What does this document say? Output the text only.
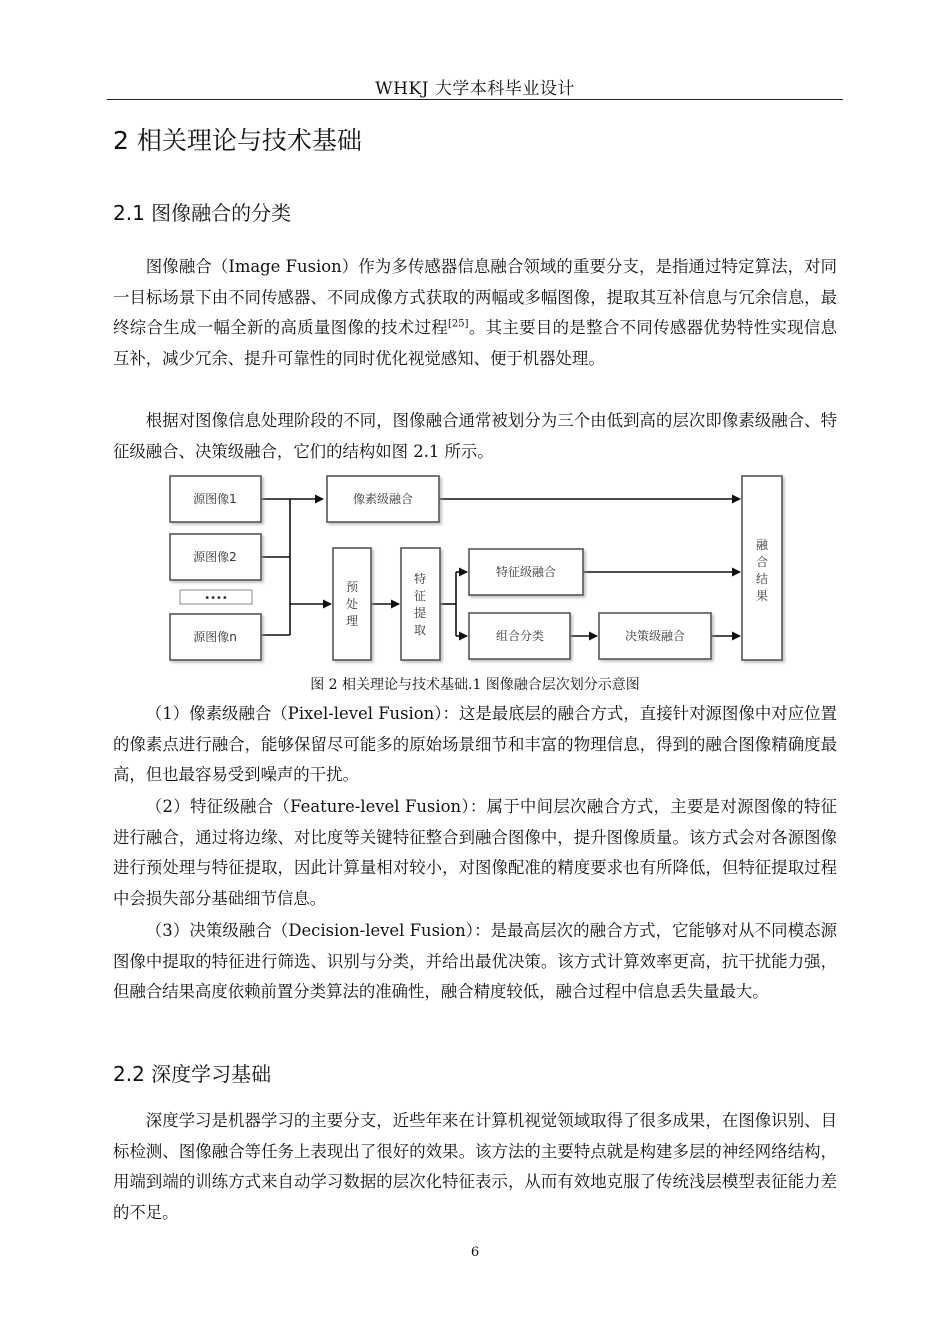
WHKJ 大学本科毕业设计
2 相关理论与技术基础
2.1 图像融合的分类

图像融合（Image Fusion）作为多传感器信息融合领域的重要分支，是指通过特定算法，对同一目标场景下由不同传感器、不同成像方式获取的两幅或多幅图像，提取其互补信息与冗余信息，最终综合生成一幅全新的高质量图像的技术过程[25]。其主要目的是整合不同传感器优势特性实现信息互补，减少冗余、提升可靠性的同时优化视觉感知、便于机器处理。

根据对图像信息处理阶段的不同，图像融合通常被划分为三个由低到高的层次即像素级融合、特征级融合、决策级融合，它们的结构如图 2.1 所示。

源图像1
源图像2
••••
源图像n
像素级融合
预
处
理
特
征
提
取
特征级融合
组合分类	决策级融合
融
合
结
果
图 2 相关理论与技术基础.1 图像融合层次划分示意图

（1）像素级融合（Pixel-level Fusion）：这是最底层的融合方式，直接针对源图像中对应位置的像素点进行融合，能够保留尽可能多的原始场景细节和丰富的物理信息，得到的融合图像精确度最高，但也最容易受到噪声的干扰。

（2）特征级融合（Feature-level Fusion）：属于中间层次融合方式，主要是对源图像的特征进行融合，通过将边缘、对比度等关键特征整合到融合图像中，提升图像质量。该方式会对各源图像进行预处理与特征提取，因此计算量相对较小，对图像配准的精度要求也有所降低，但特征提取过程中会损失部分基础细节信息。

（3）决策级融合（Decision-level Fusion）：是最高层次的融合方式，它能够对从不同模态源图像中提取的特征进行筛选、识别与分类，并给出最优决策。该方式计算效率更高，抗干扰能力强，但融合结果高度依赖前置分类算法的准确性，融合精度较低，融合过程中信息丢失量最大。

2.2 深度学习基础

深度学习是机器学习的主要分支，近些年来在计算机视觉领域取得了很多成果，在图像识别、目标检测、图像融合等任务上表现出了很好的效果。该方法的主要特点就是构建多层的神经网络结构，用端到端的训练方式来自动学习数据的层次化特征表示，从而有效地克服了传统浅层模型表征能力差的不足。

6
